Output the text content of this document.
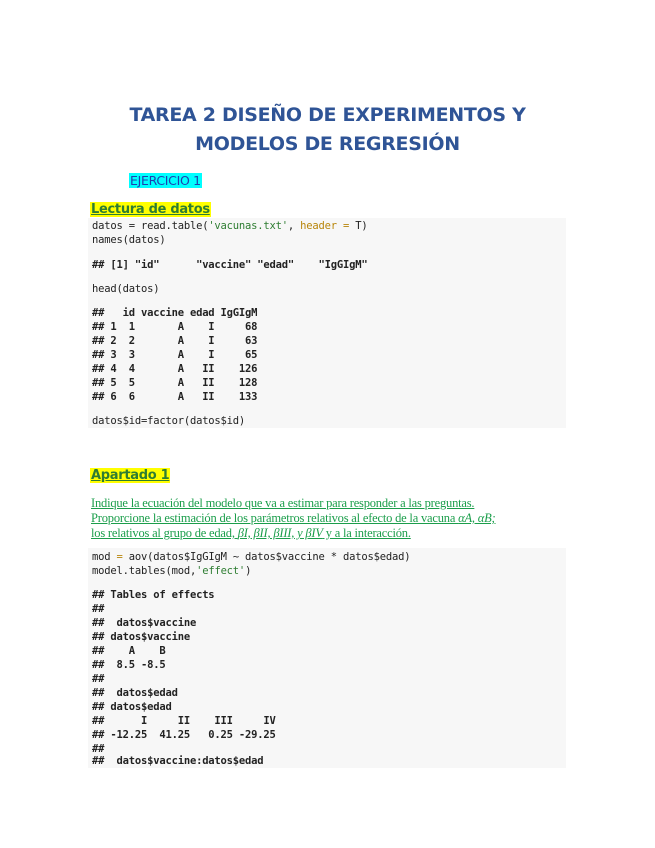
TAREA 2 DISEÑO DE EXPERIMENTOS Y
MODELOS DE REGRESIÓN
EJERCICIO 1
Lectura de datos
datos = read.table('vacunas.txt', header = T)
names(datos)
## [1] "id"      "vaccine" "edad"    "IgGIgM"
head(datos)
##   id vaccine edad IgGIgM
## 1  1       A    I     68
## 2  2       A    I     63
## 3  3       A    I     65
## 4  4       A   II    126
## 5  5       A   II    128
## 6  6       A   II    133
datos$id=factor(datos$id)
Apartado 1
Indique la ecuación del modelo que va a estimar para responder a las preguntas.
Proporcione la estimación de los parámetros relativos al efecto de la vacuna αA, αB;
los relativos al grupo de edad, βI, βII, βIII, y βIV y a la interacción.
mod = aov(datos$IgGIgM ~ datos$vaccine * datos$edad)
model.tables(mod,'effect')
## Tables of effects
##
##  datos$vaccine
## datos$vaccine
##    A    B
##  8.5 -8.5
##
##  datos$edad
## datos$edad
##      I     II    III     IV
## -12.25  41.25   0.25 -29.25
##
##  datos$vaccine:datos$edad
